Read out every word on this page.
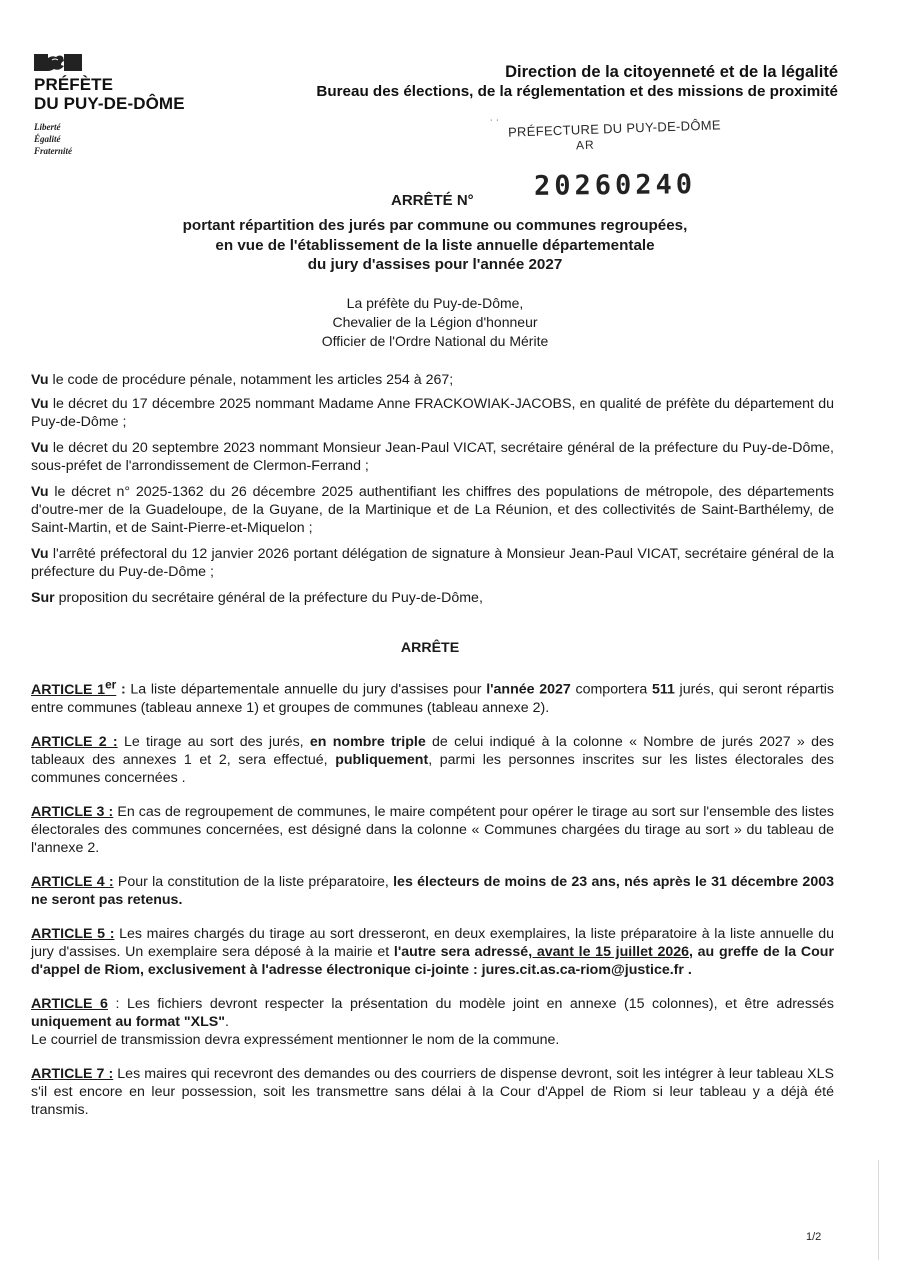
PRÉFÈTE
DU PUY-DE-DÔME
Liberté
Égalité
Fraternité
Direction de la citoyenneté et de la légalité
Bureau des élections, de la réglementation et des missions de proximité
˙ ˙ PRÉFECTURE DU PUY-DE-DÔME
AR
ARRÊTÉ N° 20260240
portant répartition des jurés par commune ou communes regroupées,
en vue de l'établissement de la liste annuelle départementale
du jury d'assises pour l'année 2027
La préfète du Puy-de-Dôme,
Chevalier de la Légion d'honneur
Officier de l'Ordre National du Mérite

Vu le code de procédure pénale, notamment les articles 254 à 267;

Vu le décret du 17 décembre 2025 nommant Madame Anne FRACKOWIAK-JACOBS, en qualité de préfète du département du Puy-de-Dôme ;

Vu le décret du 20 septembre 2023 nommant Monsieur Jean-Paul VICAT, secrétaire général de la préfecture du Puy-de-Dôme, sous-préfet de l'arrondissement de Clermon-Ferrand ;

Vu le décret n° 2025-1362 du 26 décembre 2025 authentifiant les chiffres des populations de métropole, des départements d'outre-mer de la Guadeloupe, de la Guyane, de la Martinique et de La Réunion, et des collectivités de Saint-Barthélemy, de Saint-Martin, et de Saint-Pierre-et-Miquelon ;

Vu l'arrêté préfectoral du 12 janvier 2026 portant délégation de signature à Monsieur Jean-Paul VICAT, secrétaire général de la préfecture du Puy-de-Dôme ;

Sur proposition du secrétaire général de la préfecture du Puy-de-Dôme,

ARRÊTE

ARTICLE 1er : La liste départementale annuelle du jury d'assises pour l'année 2027 comportera 511 jurés, qui seront répartis entre communes (tableau annexe 1) et groupes de communes (tableau annexe 2).

ARTICLE 2 : Le tirage au sort des jurés, en nombre triple de celui indiqué à la colonne « Nombre de jurés 2027 » des tableaux des annexes 1 et 2, sera effectué, publiquement, parmi les personnes inscrites sur les listes électorales des communes concernées .

ARTICLE 3 : En cas de regroupement de communes, le maire compétent pour opérer le tirage au sort sur l'ensemble des listes électorales des communes concernées, est désigné dans la colonne « Communes chargées du tirage au sort » du tableau de l'annexe 2.

ARTICLE 4 : Pour la constitution de la liste préparatoire, les électeurs de moins de 23 ans, nés après le 31 décembre 2003 ne seront pas retenus.

ARTICLE 5 : Les maires chargés du tirage au sort dresseront, en deux exemplaires, la liste préparatoire à la liste annuelle du jury d'assises. Un exemplaire sera déposé à la mairie et l'autre sera adressé, avant le 15 juillet 2026, au greffe de la Cour d'appel de Riom, exclusivement à l'adresse électronique ci-jointe : jures.cit.as.ca-riom@justice.fr .

ARTICLE 6 : Les fichiers devront respecter la présentation du modèle joint en annexe (15 colonnes), et être adressés uniquement au format "XLS".
Le courriel de transmission devra expressément mentionner le nom de la commune.

ARTICLE 7 : Les maires qui recevront des demandes ou des courriers de dispense devront, soit les intégrer à leur tableau XLS s'il est encore en leur possession, soit les transmettre sans délai à la Cour d'Appel de Riom si leur tableau y a déjà été transmis.

1/2
